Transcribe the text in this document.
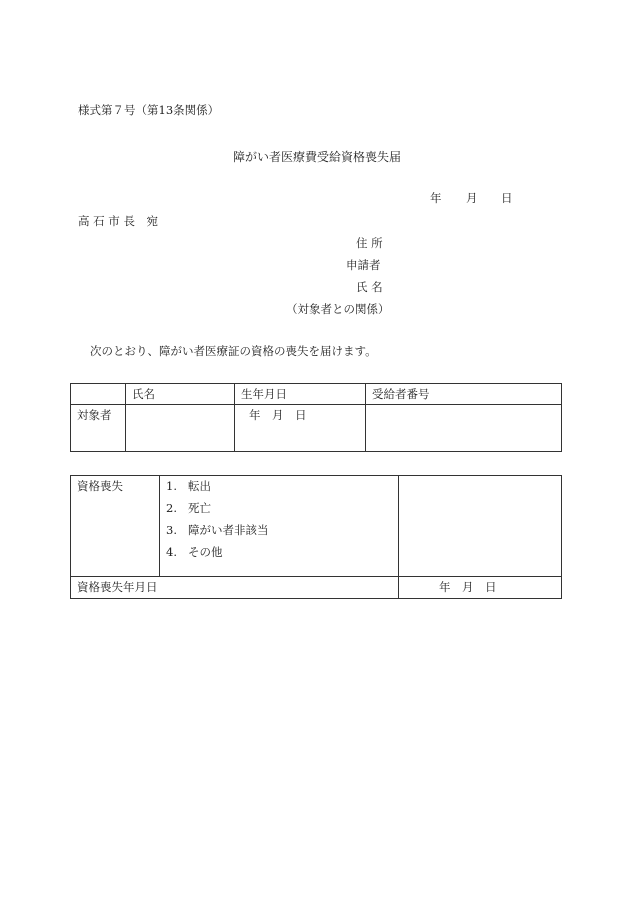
様式第７号（第13条関係）
障がい者医療費受給資格喪失届
年 月 日
高 石 市 長　宛
住 所
申請者
氏 名
（対象者との関係）
次のとおり、障がい者医療証の資格の喪失を届けます。
	氏名	生年月日	受給者番号
対象者		年　月　日	
資格喪失	1. 転出
2. 死亡
3. 障がい者非該当
4. その他	

資格喪失年月日		年　月　日
